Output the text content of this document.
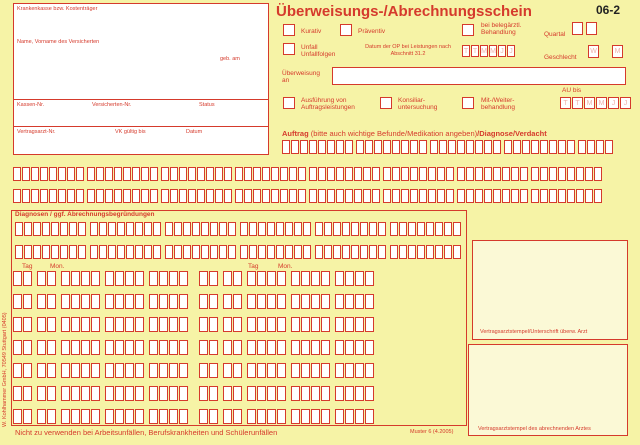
Krankenkasse bzw. Kostenträger
Name, Vorname des Versicherten
geb. am
Kassen-Nr.	Versicherten-Nr.	Status
Vertragsarzt-Nr.	VK gültig bis	Datum
Überweisungs-/Abrechnungsschein	06-2
Kurativ	Präventiv
bei belegärztl. Behandlung	Quartal
Unfall Unfallfolgen
Datum der OP bei Leistungen nach Abschnitt 31.2	T T M M J J
Geschlecht
W	M
Überweisung an
Ausführung von Auftragsleistungen
Konsiliar-untersuchung
Mit-/Weiter-behandlung
AU bis
T	T M M	J	J
Auftrag (bitte auch wichtige Befunde/Medikation angeben)/Diagnose/Verdacht
Diagnosen / ggf. Abrechnungsbegründungen
Tag	Mon.	Tag	Mon.
Vertragsarztstempel/Unterschrift überw. Arzt
Vertragsarztstempel des abrechnenden Arztes
Nicht zu verwenden bei Arbeitsunfällen, Berufskrankheiten und Schülerunfällen	Muster 6 (4.2005)
W. Kohlhammer GmbH, 70549 Stuttgart (0405)
